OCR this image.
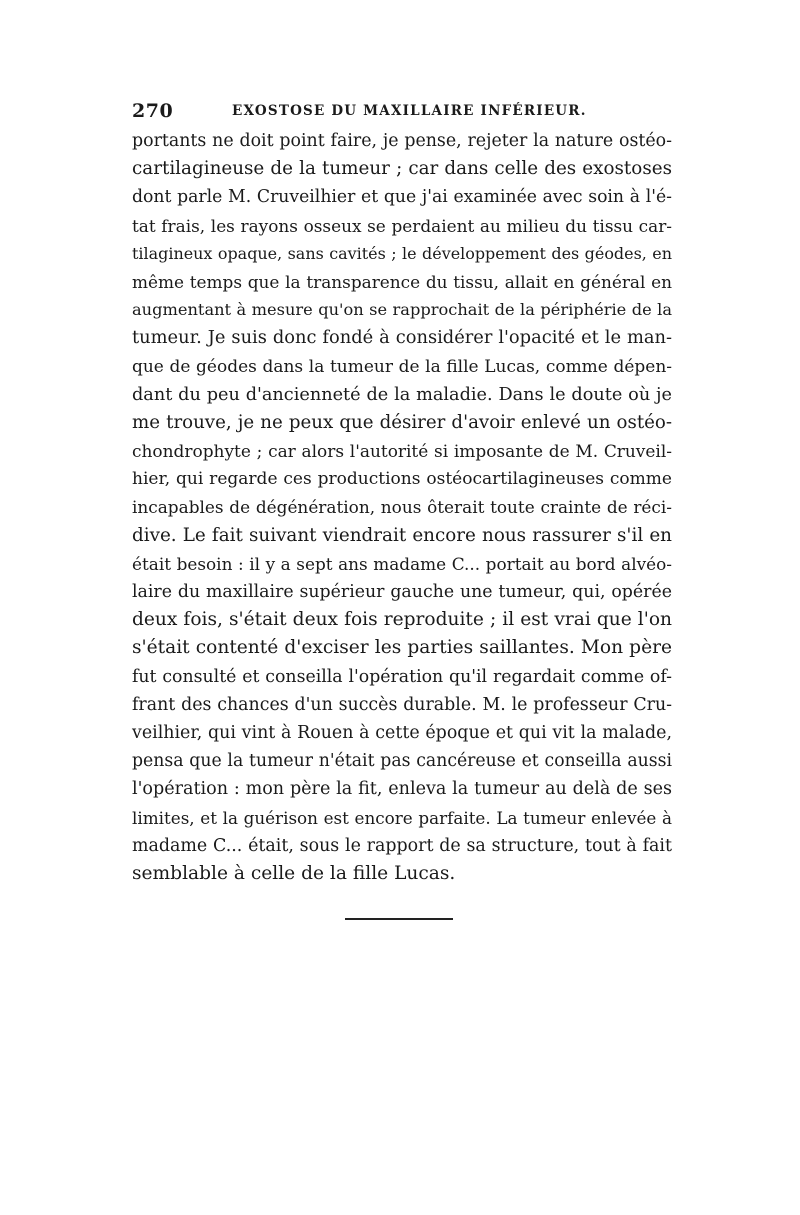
270	EXOSTOSE DU MAXILLAIRE INFÉRIEUR.
portants ne doit point faire, je pense, rejeter la nature ostéo-
cartilagineuse de la tumeur ; car dans celle des exostoses
dont parle M. Cruveilhier et que j'ai examinée avec soin à l'é-
tat frais, les rayons osseux se perdaient au milieu du tissu car-
tilagineux opaque, sans cavités ; le développement des géodes, en
même temps que la transparence du tissu, allait en général en
augmentant à mesure qu'on se rapprochait de la périphérie de la
tumeur. Je suis donc fondé à considérer l'opacité et le man-
que de géodes dans la tumeur de la fille Lucas, comme dépen-
dant du peu d'ancienneté de la maladie. Dans le doute où je
me trouve, je ne peux que désirer d'avoir enlevé un ostéo-
chondrophyte ; car alors l'autorité si imposante de M. Cruveil-
hier, qui regarde ces productions ostéocartilagineuses comme
incapables de dégénération, nous ôterait toute crainte de réci-
dive. Le fait suivant viendrait encore nous rassurer s'il en
était besoin : il y a sept ans madame C... portait au bord alvéo-
laire du maxillaire supérieur gauche une tumeur, qui, opérée
deux fois, s'était deux fois reproduite ; il est vrai que l'on
s'était contenté d'exciser les parties saillantes. Mon père
fut consulté et conseilla l'opération qu'il regardait comme of-
frant des chances d'un succès durable. M. le professeur Cru-
veilhier, qui vint à Rouen à cette époque et qui vit la malade,
pensa que la tumeur n'était pas cancéreuse et conseilla aussi
l'opération : mon père la fit, enleva la tumeur au delà de ses
limites, et la guérison est encore parfaite. La tumeur enlevée à
madame C... était, sous le rapport de sa structure, tout à fait
semblable à celle de la fille Lucas.
